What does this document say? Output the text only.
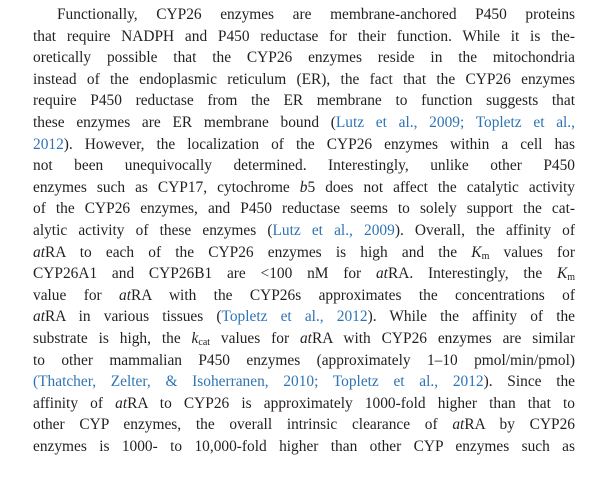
Functionally, CYP26 enzymes are membrane-anchored P450 proteins
that require NADPH and P450 reductase for their function. While it is the-
oretically possible that the CYP26 enzymes reside in the mitochondria
instead of the endoplasmic reticulum (ER), the fact that the CYP26 enzymes
require P450 reductase from the ER membrane to function suggests that
these enzymes are ER membrane bound (Lutz et al., 2009; Topletz et al.,
2012). However, the localization of the CYP26 enzymes within a cell has
not been unequivocally determined. Interestingly, unlike other P450
enzymes such as CYP17, cytochrome b5 does not affect the catalytic activity
of the CYP26 enzymes, and P450 reductase seems to solely support the cat-
alytic activity of these enzymes (Lutz et al., 2009). Overall, the affinity of
atRA to each of the CYP26 enzymes is high and the $K_m$ values for
CYP26A1 and CYP26B1 are <100 nM for atRA. Interestingly, the $K_m$
value for atRA with the CYP26s approximates the concentrations of
atRA in various tissues (Topletz et al., 2012). While the affinity of the
substrate is high, the $k_{cat}$ values for atRA with CYP26 enzymes are similar
to other mammalian P450 enzymes (approximately 1–10 pmol/min/pmol)
(Thatcher, Zelter, & Isoherranen, 2010; Topletz et al., 2012). Since the
affinity of atRA to CYP26 is approximately 1000-fold higher than that to
other CYP enzymes, the overall intrinsic clearance of atRA by CYP26
enzymes is 1000- to 10,000-fold higher than other CYP enzymes such as
